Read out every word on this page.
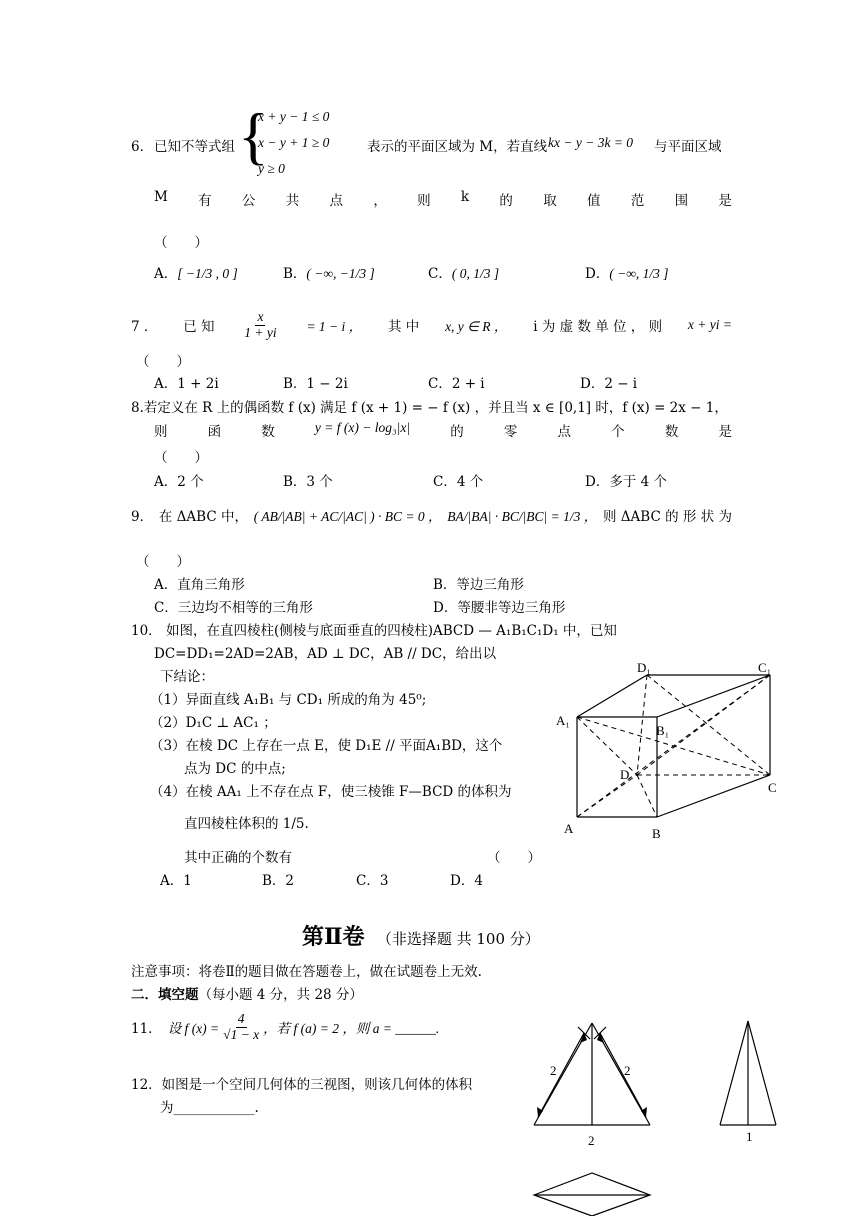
6． 已知不等式组 {
x + y − 1 ≤ 0
x − y + 1 ≥ 0
y ≥ 0
表示的平面区域为 M，若直线 kx − y − 3k = 0 与平面区域
M 有 公 共 点 ， 则 k 的 取 值 范 围 是
（　　）
A．[ −1/3 , 0 ]	B．( −∞, −1/3 ]	C．( 0, 1/3 ]	D．( −∞, 1/3 ]
7 ． 已 知 $\frac{x}{1 + yi} = 1 - i$ ， 其 中 x, y ∈ R ， i 为 虚 数 单 位 ， 则 x + yi =
（　　）
A．1 + 2i	B．1 − 2i	C．2 + i	D．2 − i
8.若定义在 R 上的偶函数 f (x) 满足 f (x + 1) = − f (x) ，并且当 x ∈ [0,1] 时，f (x) = 2x − 1，
则	函	数	y = f (x) − log₃|x|	的	零	点	个	数	是
（　　）
A．2 个	B．3 个	C．4 个	D．多于 4 个
9． 在 ΔABC 中， ( AB/|AB| + AC/|AC| ) · BC = 0 ， BA/|BA| · BC/|BC| = 1/3 ， 则 ΔABC 的 形 状 为
（　　）
A．直角三角形	B．等边三角形
C．三边均不相等的三角形	D．等腰非等边三角形
10． 如图，在直四棱柱(侧棱与底面垂直的四棱柱)ABCD — A₁B₁C₁D₁ 中，已知
DC=DD₁=2AD=2AB，AD ⊥ DC，AB // DC，给出以
下结论：
（1）异面直线 A₁B₁ 与 CD₁ 所成的角为 45⁰;
（2）D₁C ⊥ AC₁ ；
（3）在棱 DC 上存在一点 E，使 D₁E // 平面A₁BD，这个
点为 DC 的中点;
（4）在棱 AA₁ 上不存在点 F，使三棱锥 F—BCD 的体积为
直四棱柱体积的 1/5.
其中正确的个数有	（　　）
A．1	B．2	C．3	D．4
D₁	C₁
A₁
B₁
D
C
A	B
第Ⅱ卷 （非选择题 共 100 分）
注意事项：将卷Ⅱ的题目做在答题卷上，做在试题卷上无效.
二．填空题（每小题 4 分，共 28 分）
11． 设 f $(x) = \frac{4}{√1 - x}$ ，若 f (a) = 2 ，则 a = ______.
12．如图是一个空间几何体的三视图，则该几何体的体积
为____________.
2	2
2	1
